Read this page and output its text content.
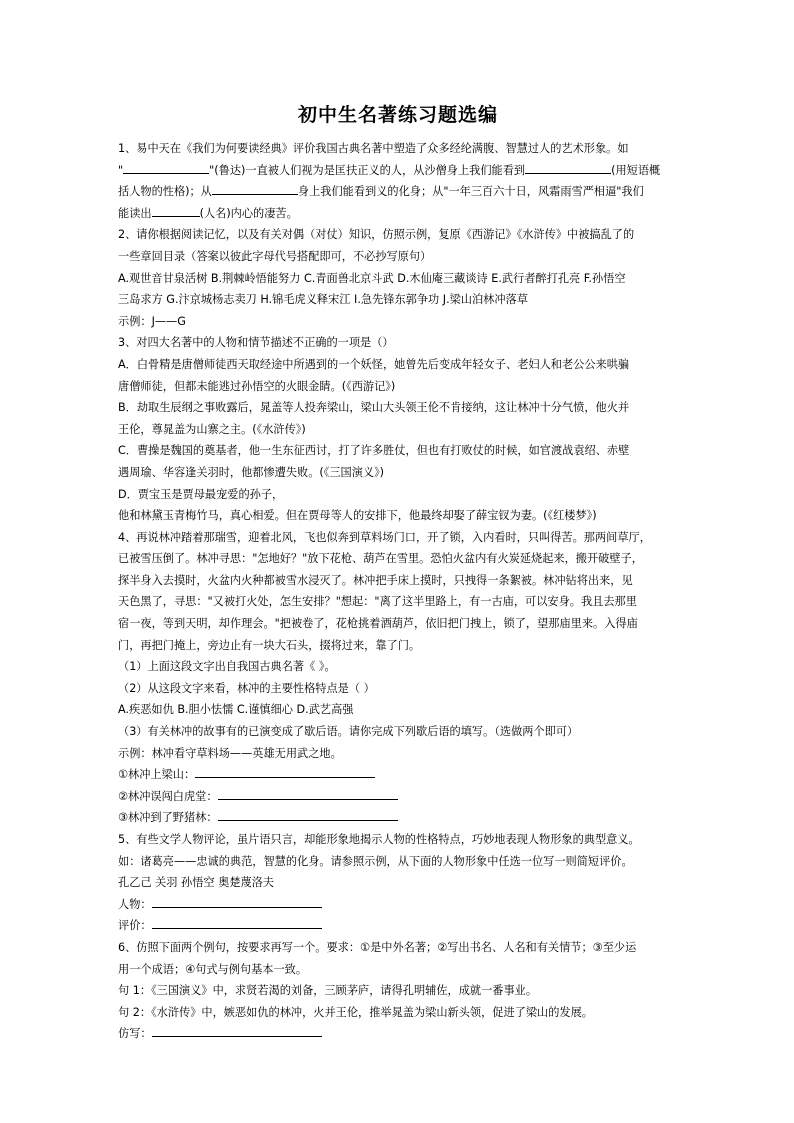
初中生名著练习题选编
1、易中天在《我们为何要读经典》评价我国古典名著中塑造了众多经纶满腹、智慧过人的艺术形象。如
"	"(鲁达)一直被人们视为是匡扶正义的人，从沙僧身上我们能看到	(用短语概
括人物的性格)；从	身上我们能看到义的化身；从"一年三百六十日，风霜雨雪严相逼"我们
能读出	(人名)内心的凄苦。
2、请你根据阅读记忆，以及有关对偶（对仗）知识，仿照示例，复原《西游记》《水浒传》中被搞乱了的
一些章回目录（答案以彼此字母代号搭配即可，不必抄写原句）
A.观世音甘泉活树 B.荆棘岭悟能努力 C.青面兽北京斗武 D.木仙庵三藏谈诗 E.武行者醉打孔亮 F.孙悟空
三岛求方 G.汴京城杨志卖刀 H.锦毛虎义释宋江 I.急先锋东郭争功 J.梁山泊林冲落草
示例：J——G
3、对四大名著中的人物和情节描述不正确的一项是（）
A．白骨精是唐僧师徒西天取经途中所遇到的一个妖怪，她曾先后变成年轻女子、老妇人和老公公来哄骗
唐僧师徒，但都未能逃过孙悟空的火眼金睛。(《西游记》)
B．劫取生辰纲之事败露后，晁盖等人投奔梁山，梁山大头领王伦不肯接纳，这让林冲十分气愤，他火并
王伦，尊晁盖为山寨之主。(《水浒传》)
C．曹操是魏国的奠基者，他一生东征西讨，打了许多胜仗，但也有打败仗的时候，如官渡战袁绍、赤壁
遇周瑜、华容逢关羽时，他都惨遭失败。(《三国演义》)
D．贾宝玉是贾母最宠爱的孙子，
他和林黛玉青梅竹马，真心相爱。但在贾母等人的安排下，他最终却娶了薛宝钗为妻。(《红楼梦》)
4、再说林冲踏着那瑞雪，迎着北风，飞也似奔到草料场门口，开了锁，入内看时，只叫得苦。那两间草厅，
已被雪压倒了。林冲寻思："怎地好？"放下花枪、葫芦在雪里。恐怕火盆内有火炭延烧起来，搬开破壁子，
探半身入去摸时，火盆内火种都被雪水浸灭了。林冲把手床上摸时，只拽得一条絮被。林冲钻将出来，见
天色黑了，寻思："又被打火处，怎生安排？"想起："离了这半里路上，有一古庙，可以安身。我且去那里
宿一夜，等到天明，却作理会。"把被卷了，花枪挑着酒葫芦，依旧把门拽上，锁了，望那庙里来。入得庙
门，再把门掩上，旁边止有一块大石头，掇将过来，靠了门。
（1）上面这段文字出自我国古典名著《 》。
（2）从这段文字来看，林冲的主要性格特点是（ ）
A.疾恶如仇 B.胆小怯懦 C.谨慎细心 D.武艺高强
（3）有关林冲的故事有的已演变成了歇后语。请你完成下列歇后语的填写。（选做两个即可）
示例：林冲看守草料场——英雄无用武之地。
①林冲上梁山：
②林冲误闯白虎堂：
③林冲到了野猪林：
5、有些文学人物评论，虽片语只言，却能形象地揭示人物的性格特点，巧妙地表现人物形象的典型意义。
如：诸葛亮——忠诚的典范，智慧的化身。请参照示例，从下面的人物形象中任选一位写一则简短评价。
孔乙己 关羽 孙悟空 奥楚蔑洛夫
人物：
评价：
6、仿照下面两个例句，按要求再写一个。要求：①是中外名著；②写出书名、人名和有关情节；③至少运
用一个成语；④句式与例句基本一致。
句 1：《三国演义》中，求贤若渴的刘备，三顾茅庐，请得孔明辅佐，成就一番事业。
句 2：《水浒传》中，嫉恶如仇的林冲，火并王伦，推举晁盖为梁山新头领，促进了梁山的发展。
仿写：
